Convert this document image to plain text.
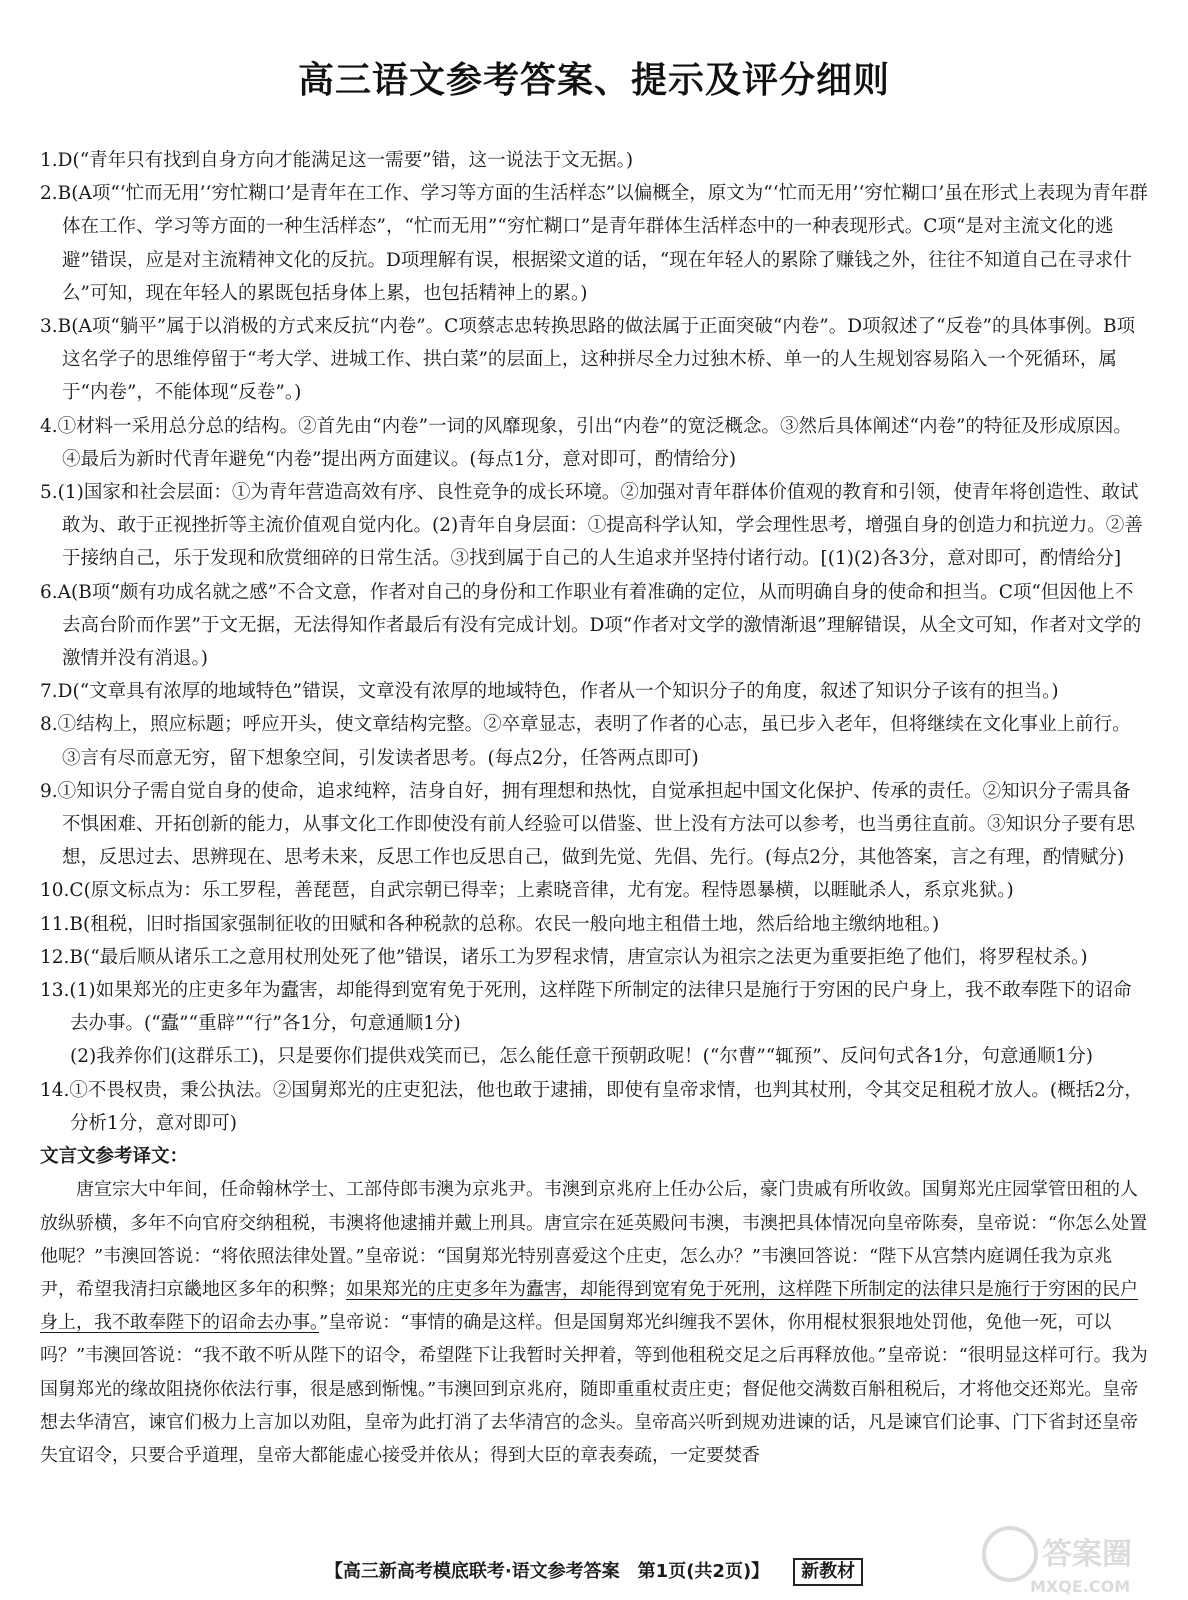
高三语文参考答案、提示及评分细则

1.D(“青年只有找到自身方向才能满足这一需要”错，这一说法于文无据。)

2.B(A项“‘忙而无用’‘穷忙糊口’是青年在工作、学习等方面的生活样态”以偏概全，原文为“‘忙而无用’‘穷忙糊口’虽在形式上表现为青年群体在工作、学习等方面的一种生活样态”，“忙而无用”“穷忙糊口”是青年群体生活样态中的一种表现形式。C项“是对主流文化的逃避”错误，应是对主流精神文化的反抗。D项理解有误，根据梁文道的话，“现在年轻人的累除了赚钱之外，往往不知道自己在寻求什么”可知，现在年轻人的累既包括身体上累，也包括精神上的累。)

3.B(A项“躺平”属于以消极的方式来反抗“内卷”。C项蔡志忠转换思路的做法属于正面突破“内卷”。D项叙述了“反卷”的具体事例。B项这名学子的思维停留于“考大学、进城工作、拱白菜”的层面上，这种拼尽全力过独木桥、单一的人生规划容易陷入一个死循环，属于“内卷”，不能体现“反卷”。)

4.①材料一采用总分总的结构。②首先由“内卷”一词的风靡现象，引出“内卷”的宽泛概念。③然后具体阐述“内卷”的特征及形成原因。④最后为新时代青年避免“内卷”提出两方面建议。(每点1分，意对即可，酌情给分)

5.(1)国家和社会层面：①为青年营造高效有序、良性竞争的成长环境。②加强对青年群体价值观的教育和引领，使青年将创造性、敢试敢为、敢于正视挫折等主流价值观自觉内化。(2)青年自身层面：①提高科学认知，学会理性思考，增强自身的创造力和抗逆力。②善于接纳自己，乐于发现和欣赏细碎的日常生活。③找到属于自己的人生追求并坚持付诸行动。[(1)(2)各3分，意对即可，酌情给分]

6.A(B项“颇有功成名就之感”不合文意，作者对自己的身份和工作职业有着准确的定位，从而明确自身的使命和担当。C项“但因他上不去高台阶而作罢”于文无据，无法得知作者最后有没有完成计划。D项“作者对文学的激情渐退”理解错误，从全文可知，作者对文学的激情并没有消退。)

7.D(“文章具有浓厚的地域特色”错误，文章没有浓厚的地域特色，作者从一个知识分子的角度，叙述了知识分子该有的担当。)

8.①结构上，照应标题；呼应开头，使文章结构完整。②卒章显志，表明了作者的心志，虽已步入老年，但将继续在文化事业上前行。③言有尽而意无穷，留下想象空间，引发读者思考。(每点2分，任答两点即可)

9.①知识分子需自觉自身的使命，追求纯粹，洁身自好，拥有理想和热忱，自觉承担起中国文化保护、传承的责任。②知识分子需具备不惧困难、开拓创新的能力，从事文化工作即使没有前人经验可以借鉴、世上没有方法可以参考，也当勇往直前。③知识分子要有思想，反思过去、思辨现在、思考未来，反思工作也反思自己，做到先觉、先倡、先行。(每点2分，其他答案，言之有理，酌情赋分)

10.C(原文标点为：乐工罗程，善琵琶，自武宗朝已得幸；上素晓音律，尤有宠。程恃恩暴横，以睚眦杀人，系京兆狱。)

11.B(租税，旧时指国家强制征收的田赋和各种税款的总称。农民一般向地主租借土地，然后给地主缴纳地租。)

12.B(“最后顺从诸乐工之意用杖刑处死了他”错误，诸乐工为罗程求情，唐宣宗认为祖宗之法更为重要拒绝了他们，将罗程杖杀。)

13.(1)如果郑光的庄吏多年为蠹害，却能得到宽宥免于死刑，这样陛下所制定的法律只是施行于穷困的民户身上，我不敢奉陛下的诏命去办事。(“蠹”“重辟”“行”各1分，句意通顺1分)

(2)我养你们(这群乐工)，只是要你们提供戏笑而已，怎么能任意干预朝政呢！(“尔曹”“辄预”、反问句式各1分，句意通顺1分)

14.①不畏权贵，秉公执法。②国舅郑光的庄吏犯法，他也敢于逮捕，即使有皇帝求情，也判其杖刑，令其交足租税才放人。(概括2分，分析1分，意对即可)

文言文参考译文：

唐宣宗大中年间，任命翰林学士、工部侍郎韦澳为京兆尹。韦澳到京兆府上任办公后，豪门贵戚有所收敛。国舅郑光庄园掌管田租的人放纵骄横，多年不向官府交纳租税，韦澳将他逮捕并戴上刑具。唐宣宗在延英殿问韦澳，韦澳把具体情况向皇帝陈奏，皇帝说：“你怎么处置他呢？”韦澳回答说：“将依照法律处置。”皇帝说：“国舅郑光特别喜爱这个庄吏，怎么办？”韦澳回答说：“陛下从宫禁内庭调任我为京兆尹，希望我清扫京畿地区多年的积弊；如果郑光的庄吏多年为蠹害，却能得到宽宥免于死刑，这样陛下所制定的法律只是施行于穷困的民户身上，我不敢奉陛下的诏命去办事。”皇帝说：“事情的确是这样。但是国舅郑光纠缠我不罢休，你用棍杖狠狠地处罚他，免他一死，可以吗？”韦澳回答说：“我不敢不听从陛下的诏令，希望陛下让我暂时关押着，等到他租税交足之后再释放他。”皇帝说：“很明显这样可行。我为国舅郑光的缘故阻挠你依法行事，很是感到惭愧。”韦澳回到京兆府，随即重重杖责庄吏；督促他交满数百斛租税后，才将他交还郑光。皇帝想去华清宫，谏官们极力上言加以劝阻，皇帝为此打消了去华清宫的念头。皇帝高兴听到规劝进谏的话，凡是谏官们论事、门下省封还皇帝失宜诏令，只要合乎道理，皇帝大都能虚心接受并依从；得到大臣的章表奏疏，一定要焚香

【高三新高考模底联考·语文参考答案　第1页(共2页)】 新教材	答案圈
MXQE.COM
